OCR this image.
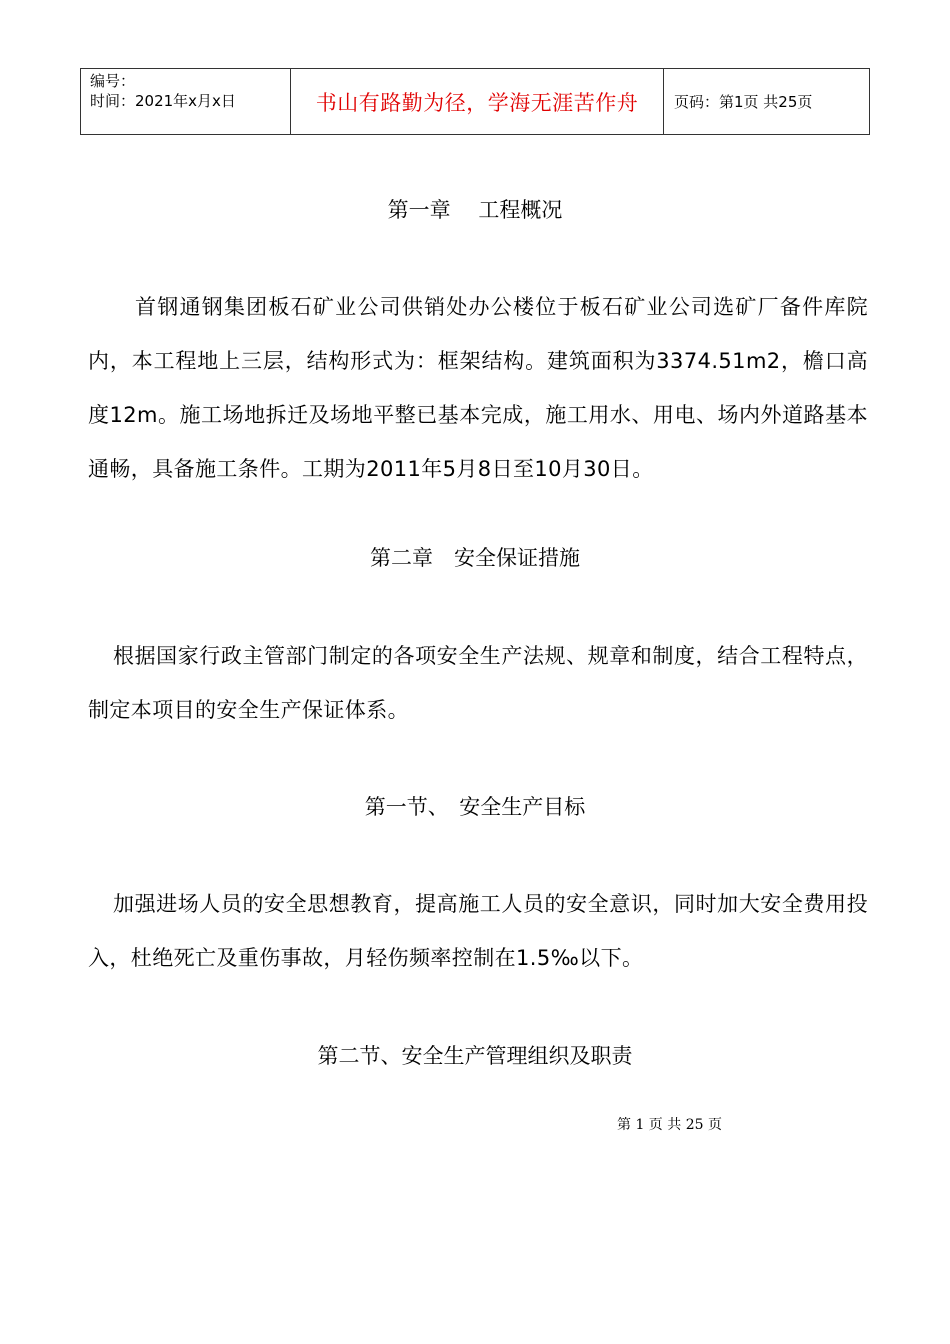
编号：
时间：2021年x月x日	书山有路勤为径，学海无涯苦作舟	页码：第1页 共25页
第一章　 工程概况
首钢通钢集团板石矿业公司供销处办公楼位于板石矿业公司选矿厂备件库院内，本工程地上三层，结构形式为：框架结构。建筑面积为3374.51m2，檐口高度12m。施工场地拆迁及场地平整已基本完成，施工用水、用电、场内外道路基本通畅，具备施工条件。工期为2011年5月8日至10月30日。
第二章　安全保证措施
根据国家行政主管部门制定的各项安全生产法规、规章和制度，结合工程特点，制定本项目的安全生产保证体系。
第一节、　安全生产目标
加强进场人员的安全思想教育，提高施工人员的安全意识，同时加大安全费用投入，杜绝死亡及重伤事故，月轻伤频率控制在1.5‰以下。
第二节、安全生产管理组织及职责
第 1 页 共 25 页
